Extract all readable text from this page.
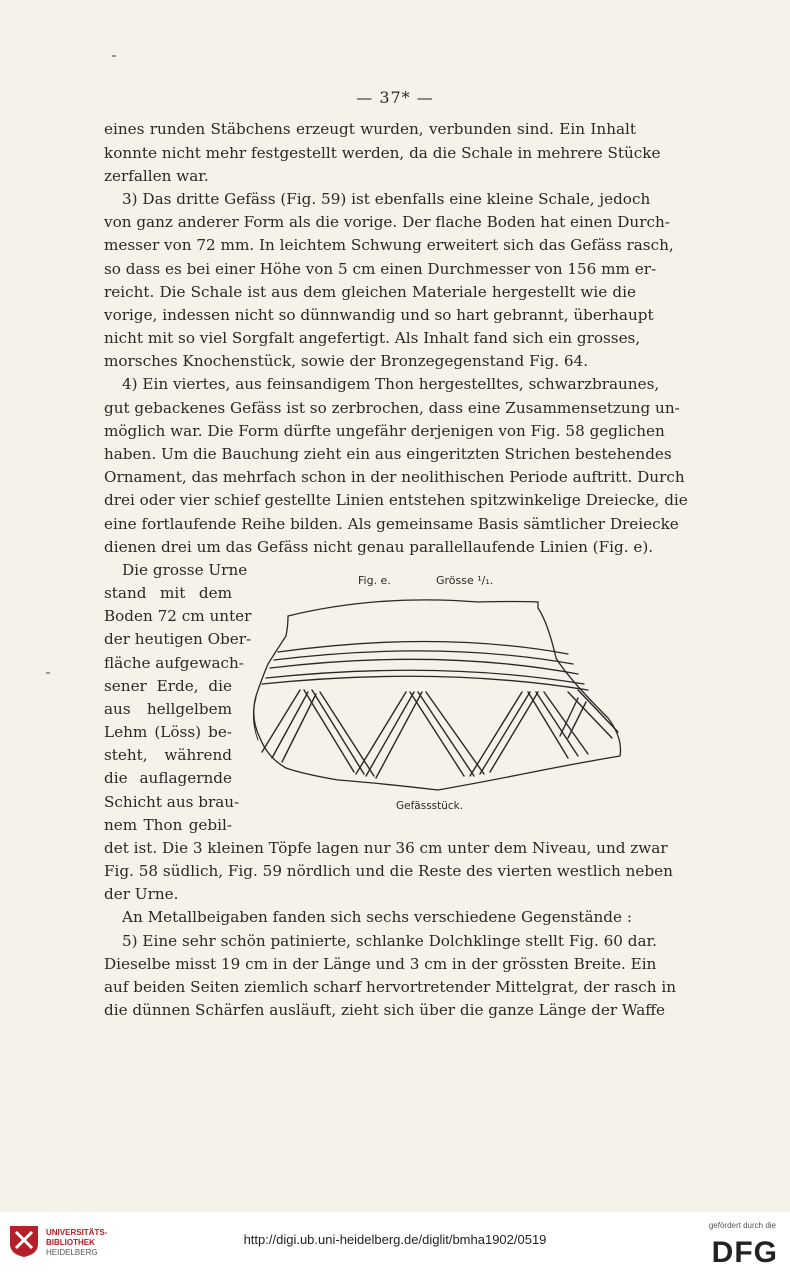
— 37* —
eines runden Stäbchens erzeugt wurden, verbunden sind. Ein Inhalt
konnte nicht mehr festgestellt werden, da die Schale in mehrere Stücke
zerfallen war.
3) Das dritte Gefäss (Fig. 59) ist ebenfalls eine kleine Schale, jedoch
von ganz anderer Form als die vorige. Der flache Boden hat einen Durch-
messer von 72 mm. In leichtem Schwung erweitert sich das Gefäss rasch,
so dass es bei einer Höhe von 5 cm einen Durchmesser von 156 mm er-
reicht. Die Schale ist aus dem gleichen Materiale hergestellt wie die
vorige, indessen nicht so dünnwandig und so hart gebrannt, überhaupt
nicht mit so viel Sorgfalt angefertigt. Als Inhalt fand sich ein grosses,
morsches Knochenstück, sowie der Bronzegegenstand Fig. 64.
4) Ein viertes, aus feinsandigem Thon hergestelltes, schwarzbraunes,
gut gebackenes Gefäss ist so zerbrochen, dass eine Zusammensetzung un-
möglich war. Die Form dürfte ungefähr derjenigen von Fig. 58 geglichen
haben. Um die Bauchung zieht ein aus eingeritzten Strichen bestehendes
Ornament, das mehrfach schon in der neolithischen Periode auftritt. Durch
drei oder vier schief gestellte Linien entstehen spitzwinkelige Dreiecke, die
eine fortlaufende Reihe bilden. Als gemeinsame Basis sämtlicher Dreiecke
dienen drei um das Gefäss nicht genau parallellaufende Linien (Fig. e).
Die grosse Urne
stand mit dem
Boden 72 cm unter
der heutigen Ober-
fläche aufgewach-
sener Erde, die
aus hellgelbem
Lehm (Löss) be-
steht, während
die auflagernde
Schicht aus brau-
nem Thon gebil-
det ist. Die 3 kleinen Töpfe lagen nur 36 cm unter dem Niveau, und zwar
Fig. 58 südlich, Fig. 59 nördlich und die Reste des vierten westlich neben
der Urne.
An Metallbeigaben fanden sich sechs verschiedene Gegenstände :
5) Eine sehr schön patinierte, schlanke Dolchklinge stellt Fig. 60 dar.
Dieselbe misst 19 cm in der Länge und 3 cm in der grössten Breite. Ein
auf beiden Seiten ziemlich scharf hervortretender Mittelgrat, der rasch in
die dünnen Schärfen ausläuft, zieht sich über die ganze Länge der Waffe
Fig. e.	Grösse ¹/₁.
Gefässstück.
UNIVERSITÄTS-
BIBLIOTHEK
HEIDELBERG
http://digi.ub.uni-heidelberg.de/diglit/bmha1902/0519
gefördert durch die
DFG
